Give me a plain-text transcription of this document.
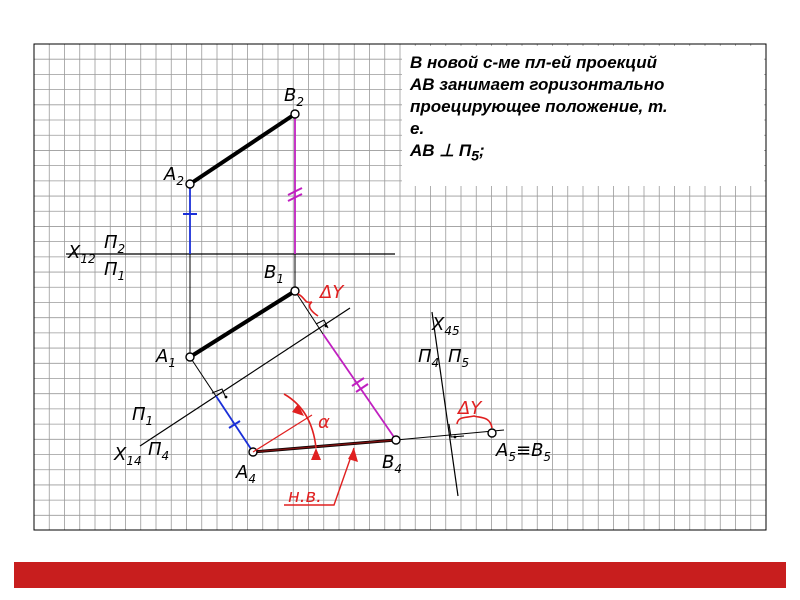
$B_2$
$A_2$
$X_{12}$
$П_2$
$П_1$	$B_1$
$A_1$
$П_1$
$П_4$
$X_{14}$
$A_4$
$B_4$
$X_{45}$
$П_4$ $П_5$
$A_5\equiv B_5$
ΔY
ΔY
α
н.в.

В новой с-ме пл-ей проекций

АВ занимает горизонтально

проецирующее положение, т.

е.

АВ ⊥ $П_5$;
